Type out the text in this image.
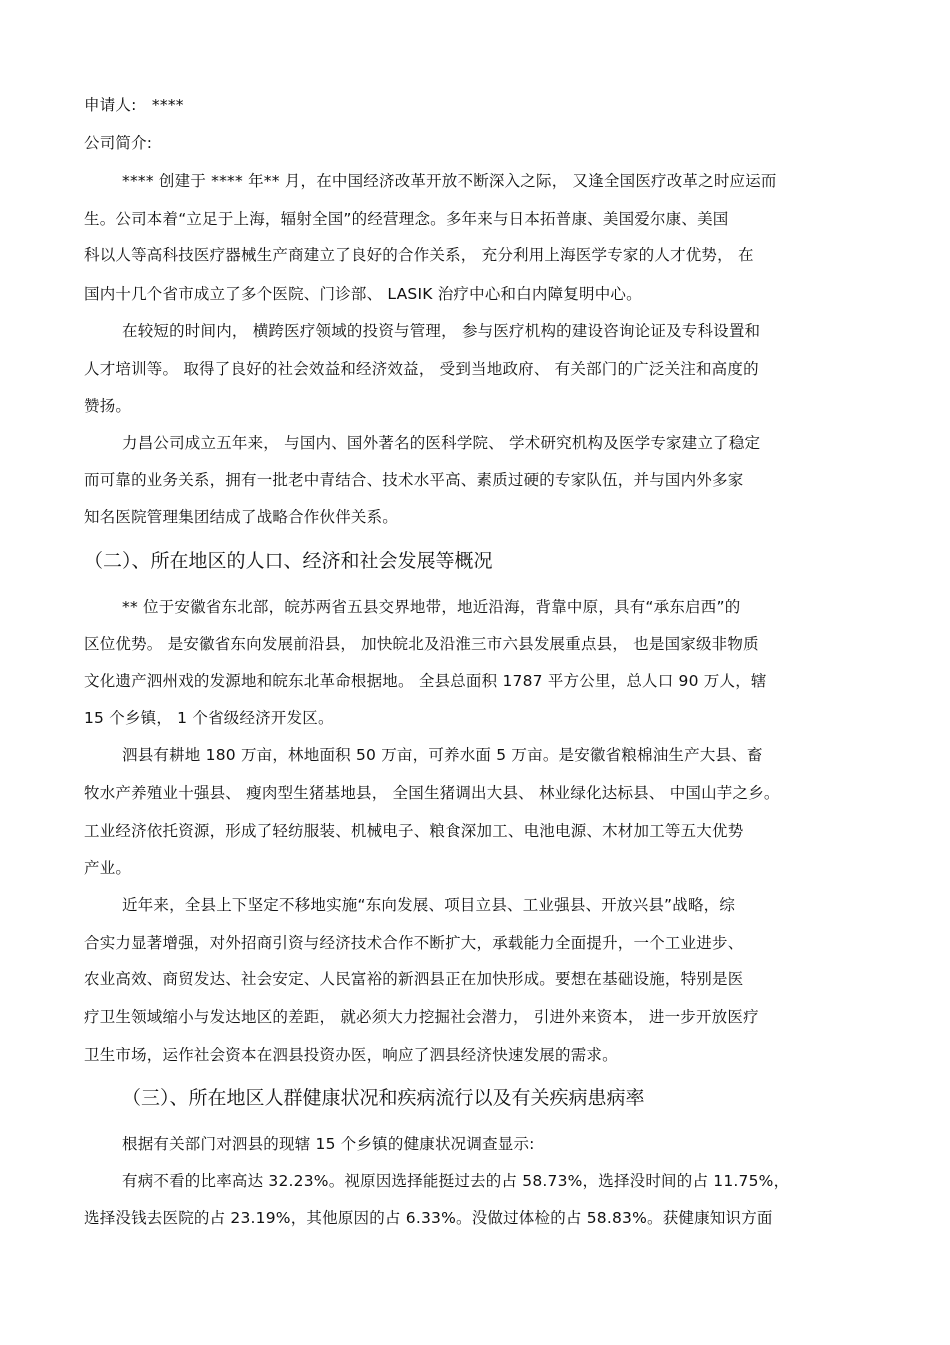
申请人: ****

公司简介:

**** 创建于 **** 年** 月，在中国经济改革开放不断深入之际， 又逢全国医疗改革之时应运而

生。公司本着“立足于上海，辐射全国”的经营理念。多年来与日本拓普康、美国爱尔康、美国

科以人等高科技医疗器械生产商建立了良好的合作关系， 充分利用上海医学专家的人才优势， 在

国内十几个省市成立了多个医院、门诊部、 LASIK 治疗中心和白内障复明中心。

在较短的时间内， 横跨医疗领域的投资与管理， 参与医疗机构的建设咨询论证及专科设置和

人才培训等。 取得了良好的社会效益和经济效益， 受到当地政府、 有关部门的广泛关注和高度的

赞扬。

力昌公司成立五年来， 与国内、国外著名的医科学院、 学术研究机构及医学专家建立了稳定

而可靠的业务关系，拥有一批老中青结合、技术水平高、素质过硬的专家队伍，并与国内外多家

知名医院管理集团结成了战略合作伙伴关系。

（二）、所在地区的人口、经济和社会发展等概况

** 位于安徽省东北部，皖苏两省五县交界地带，地近沿海，背靠中原，具有“承东启西”的

区位优势。 是安徽省东向发展前沿县， 加快皖北及沿淮三市六县发展重点县， 也是国家级非物质

文化遗产泗州戏的发源地和皖东北革命根据地。 全县总面积 1787 平方公里，总人口 90 万人，辖

15 个乡镇， 1 个省级经济开发区。

泗县有耕地 180 万亩，林地面积 50 万亩，可养水面 5 万亩。是安徽省粮棉油生产大县、畜

牧水产养殖业十强县、 瘦肉型生猪基地县， 全国生猪调出大县、 林业绿化达标县、 中国山芋之乡。

工业经济依托资源，形成了轻纺服装、机械电子、粮食深加工、电池电源、木材加工等五大优势

产业。

近年来，全县上下坚定不移地实施“东向发展、项目立县、工业强县、开放兴县”战略，综

合实力显著增强，对外招商引资与经济技术合作不断扩大，承载能力全面提升，一个工业进步、

农业高效、商贸发达、社会安定、人民富裕的新泗县正在加快形成。要想在基础设施，特别是医

疗卫生领域缩小与发达地区的差距， 就必须大力挖掘社会潜力， 引进外来资本， 进一步开放医疗

卫生市场，运作社会资本在泗县投资办医，响应了泗县经济快速发展的需求。

（三）、所在地区人群健康状况和疾病流行以及有关疾病患病率

根据有关部门对泗县的现辖 15 个乡镇的健康状况调查显示:

有病不看的比率高达 32.23%。视原因选择能挺过去的占 58.73%，选择没时间的占 11.75%，

选择没钱去医院的占 23.19%，其他原因的占 6.33%。没做过体检的占 58.83%。获健康知识方面
